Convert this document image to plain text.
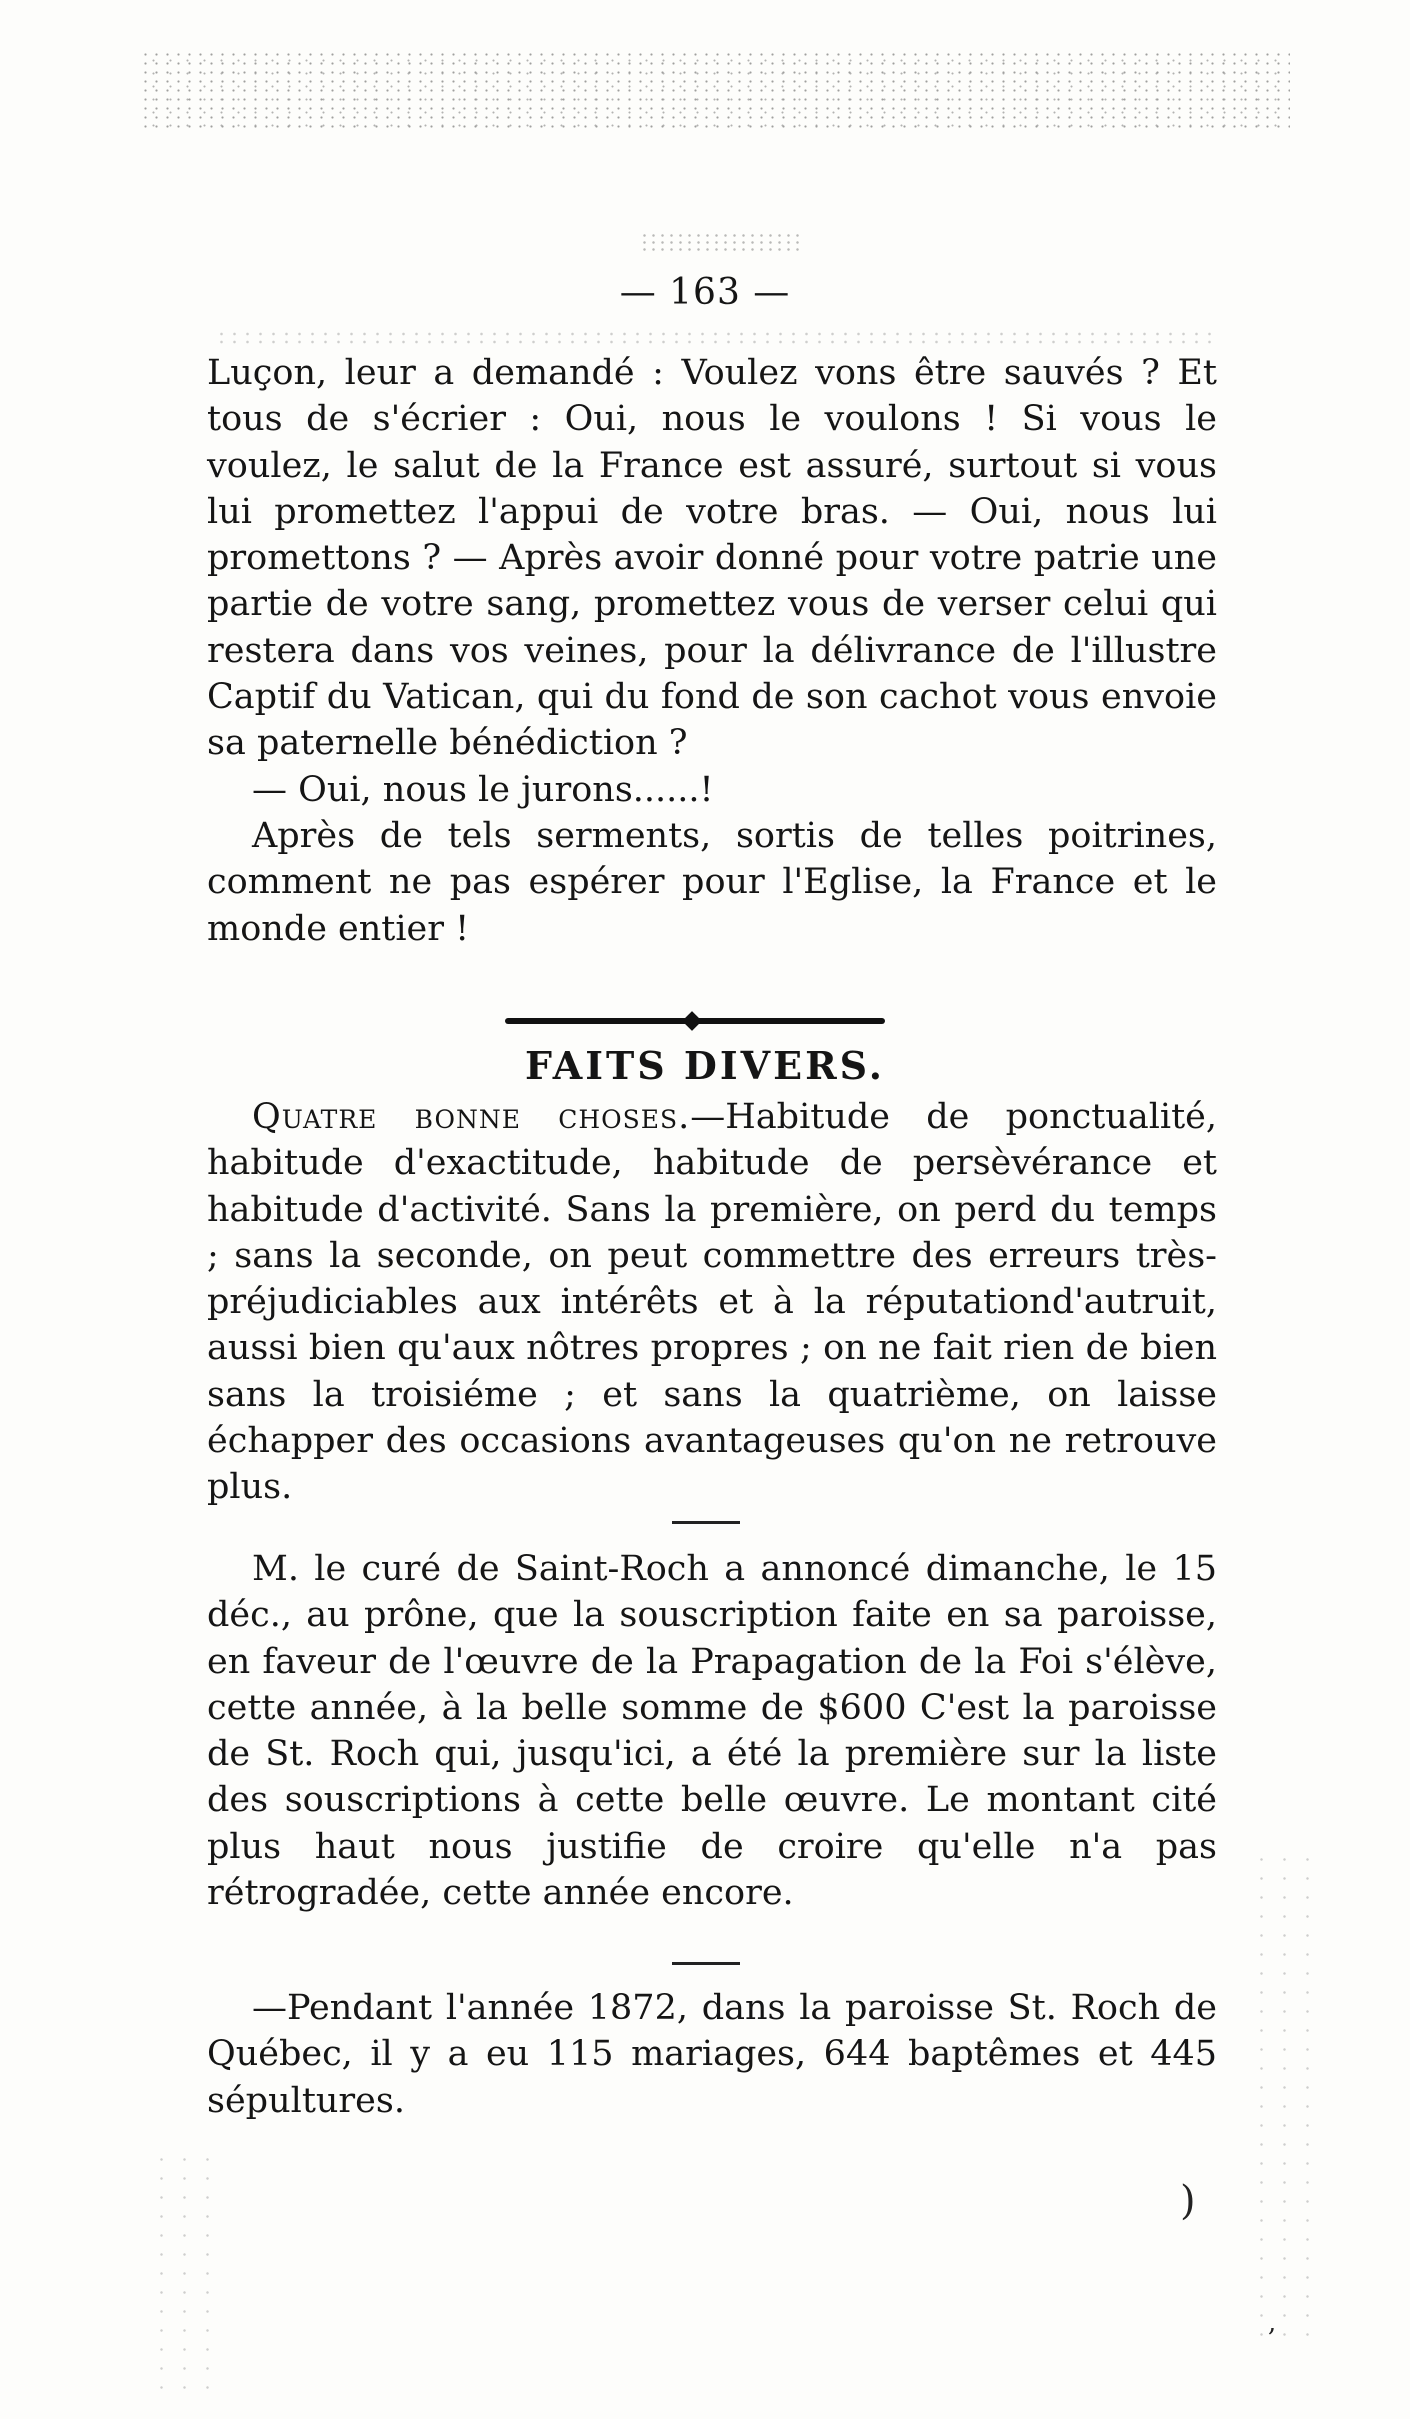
— 163 —

Luçon, leur a demandé : Voulez vons être sauvés ? Et tous de s'écrier : Oui, nous le voulons ! Si vous le voulez, le salut de la France est assuré, surtout si vous lui promettez l'appui de votre bras. — Oui, nous lui promettons ? — Après avoir donné pour votre patrie une partie de votre sang, promettez vous de verser celui qui restera dans vos veines, pour la délivrance de l'illustre Captif du Vatican, qui du fond de son cachot vous envoie sa paternelle bénédiction ?

— Oui, nous le jurons......!

Après de tels serments, sortis de telles poitrines, comment ne pas espérer pour l'Eglise, la France et le monde entier !

FAITS DIVERS.

Quatre bonne choses.—Habitude de ponctualité, habitude d'exactitude, habitude de persèvérance et habitude d'activité. Sans la première, on perd du temps ; sans la seconde, on peut commettre des erreurs très-préjudiciables aux intérêts et à la réputationd'autruit, aussi bien qu'aux nôtres propres ; on ne fait rien de bien sans la troisiéme ; et sans la quatrième, on laisse échapper des occasions avantageuses qu'on ne retrouve plus.

M. le curé de Saint-Roch a annoncé dimanche, le 15 déc., au prône, que la souscription faite en sa paroisse, en faveur de l'œuvre de la Prapagation de la Foi s'élève, cette année, à la belle somme de $600 C'est la paroisse de St. Roch qui, jusqu'ici, a été la première sur la liste des souscriptions à cette belle œuvre. Le montant cité plus haut nous justifie de croire qu'elle n'a pas rétrogradée, cette année encore.

—Pendant l'année 1872, dans la paroisse St. Roch de Québec, il y a eu 115 mariages, 644 baptêmes et 445 sépultures.

)
,
